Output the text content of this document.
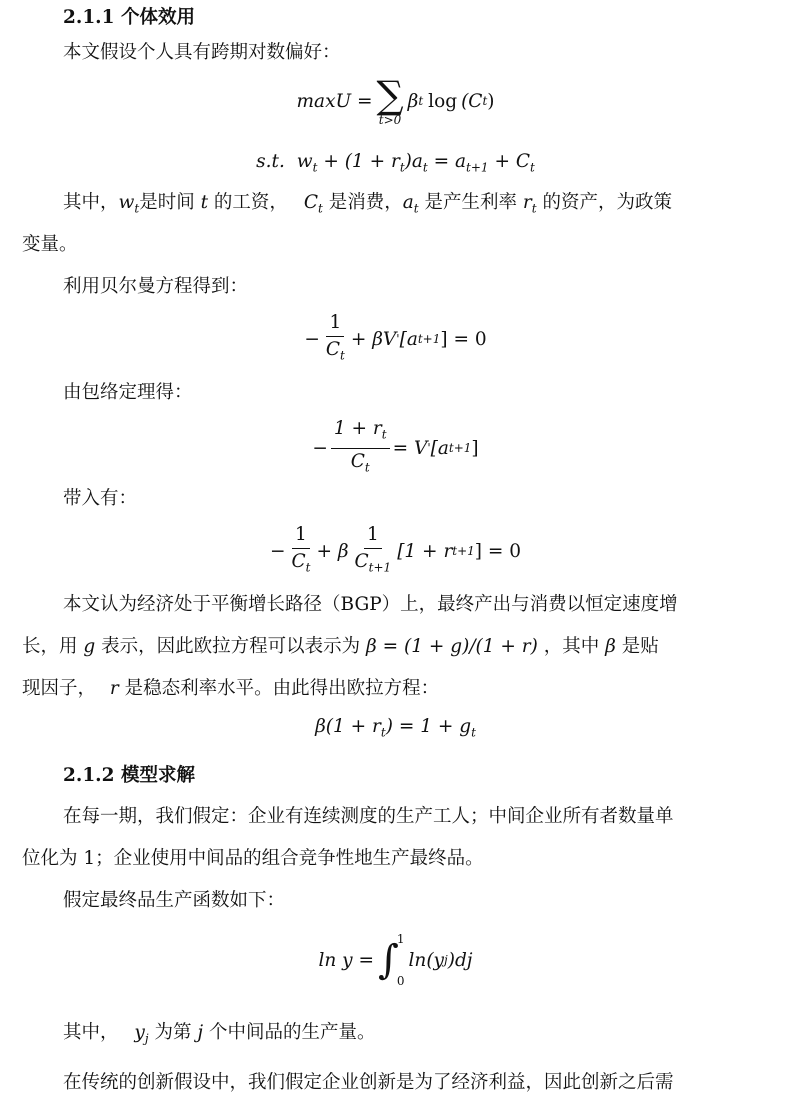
2.1.1 个体效用
本文假设个人具有跨期对数偏好：
maxU = ∑
t>0
β t log (C t )
s.t. $w_t + (1 + r_t)a_t = a_{t+1} + C_t$
其中，$w_t$是时间 t 的工资， $C_t$ 是消费，$a_t$ 是产生利率 $r_t$ 的资产，为政策
变量。
利用贝尔曼方程得到：
− $\frac{1}{C_t} + \beta V$ ' [a t+1 ] = 0
由包络定理得：
− $\frac{1 + r_t}{C_t} = V$ ' [a t+1 ]
带入有：
− $\frac{1}{C_t} + \beta \frac{1}{C_{t+1}} [1 + r$ t+1 ] = 0
本文认为经济处于平衡增长路径（BGP）上，最终产出与消费以恒定速度增
长，用 g 表示，因此欧拉方程可以表示为 β = (1 + g)/(1 + r) ，其中 β 是贴
现因子， r 是稳态利率水平。由此得出欧拉方程：
$\beta(1 + r_t) = 1 + g_t$
2.1.2 模型求解
在每一期，我们假定：企业有连续测度的生产工人；中间企业所有者数量单
位化为 1；企业使用中间品的组合竞争性地生产最终品。
假定最终品生产函数如下：
ln y = ∫
1
0
ln(y j )dj
其中， $y_j$ 为第 j 个中间品的生产量。
在传统的创新假设中，我们假定企业创新是为了经济利益，因此创新之后需
